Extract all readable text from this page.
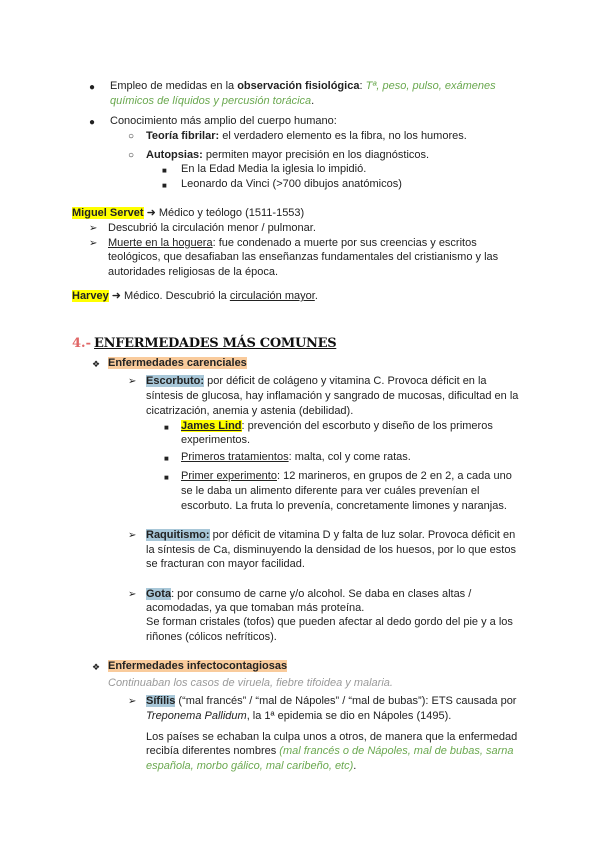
● Empleo de medidas en la observación fisiológica: Tª, peso, pulso, exámenes
químicos de líquidos y percusión torácica.
● Conocimiento más amplio del cuerpo humano:
○ Teoría fibrilar: el verdadero elemento es la fibra, no los humores.
○ Autopsias: permiten mayor precisión en los diagnósticos.
■ En la Edad Media la iglesia lo impidió.
■ Leonardo da Vinci (>700 dibujos anatómicos)
Miguel Servet ➜ Médico y teólogo (1511-1553)
➢ Descubrió la circulación menor / pulmonar.
➢ Muerte en la hoguera: fue condenado a muerte por sus creencias y escritos
teológicos, que desafiaban las enseñanzas fundamentales del cristianismo y las
autoridades religiosas de la época.
Harvey ➜ Médico. Descubrió la circulación mayor.
4.- ENFERMEDADES MÁS COMUNES
❖ Enfermedades carenciales
➢ Escorbuto: por déficit de colágeno y vitamina C. Provoca déficit en la
síntesis de glucosa, hay inflamación y sangrado de mucosas, dificultad en la
cicatrización, anemia y astenia (debilidad).
■ James Lind: prevención del escorbuto y diseño de los primeros
experimentos.
■ Primeros tratamientos: malta, col y come ratas.
■ Primer experimento: 12 marineros, en grupos de 2 en 2, a cada uno
se le daba un alimento diferente para ver cuáles prevenían el
escorbuto. La fruta lo prevenía, concretamente limones y naranjas.
➢ Raquitismo: por déficit de vitamina D y falta de luz solar. Provoca déficit en
la síntesis de Ca, disminuyendo la densidad de los huesos, por lo que estos
se fracturan con mayor facilidad.
➢ Gota: por consumo de carne y/o alcohol. Se daba en clases altas /
acomodadas, ya que tomaban más proteína.
Se forman cristales (tofos) que pueden afectar al dedo gordo del pie y a los
riñones (cólicos nefríticos).
❖ Enfermedades infectocontagiosas
Continuaban los casos de viruela, fiebre tifoidea y malaria.
➢ Sífilis (“mal francés” / “mal de Nápoles” / “mal de bubas”): ETS causada por
Treponema Pallidum, la 1ª epidemia se dio en Nápoles (1495).
Los países se echaban la culpa unos a otros, de manera que la enfermedad
recibía diferentes nombres (mal francés o de Nápoles, mal de bubas, sarna
española, morbo gálico, mal caribeño, etc).
